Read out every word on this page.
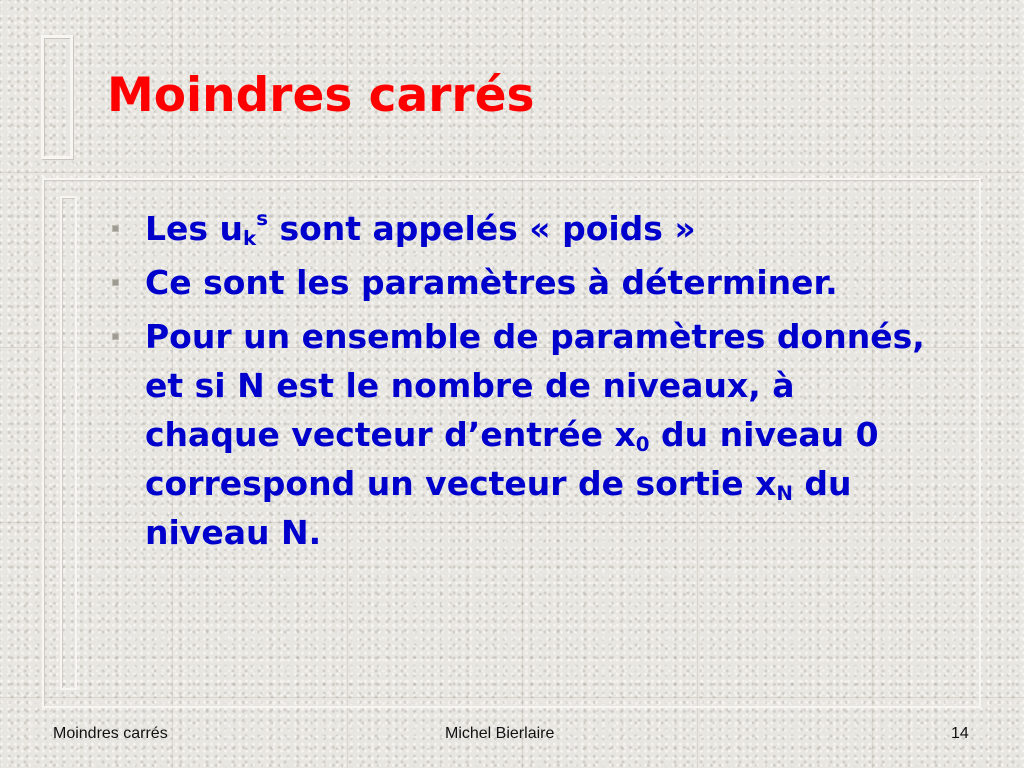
Moindres carrés
Les $u_k^s$ sont appelés « poids »
Ce sont les paramètres à déterminer.
Pour un ensemble de paramètres donnés, et si N est le nombre de niveaux, à chaque vecteur d’entrée $x_0$ du niveau 0 correspond un vecteur de sortie $x_N$ du niveau N.
Moindres carrés	Michel Bierlaire	14
